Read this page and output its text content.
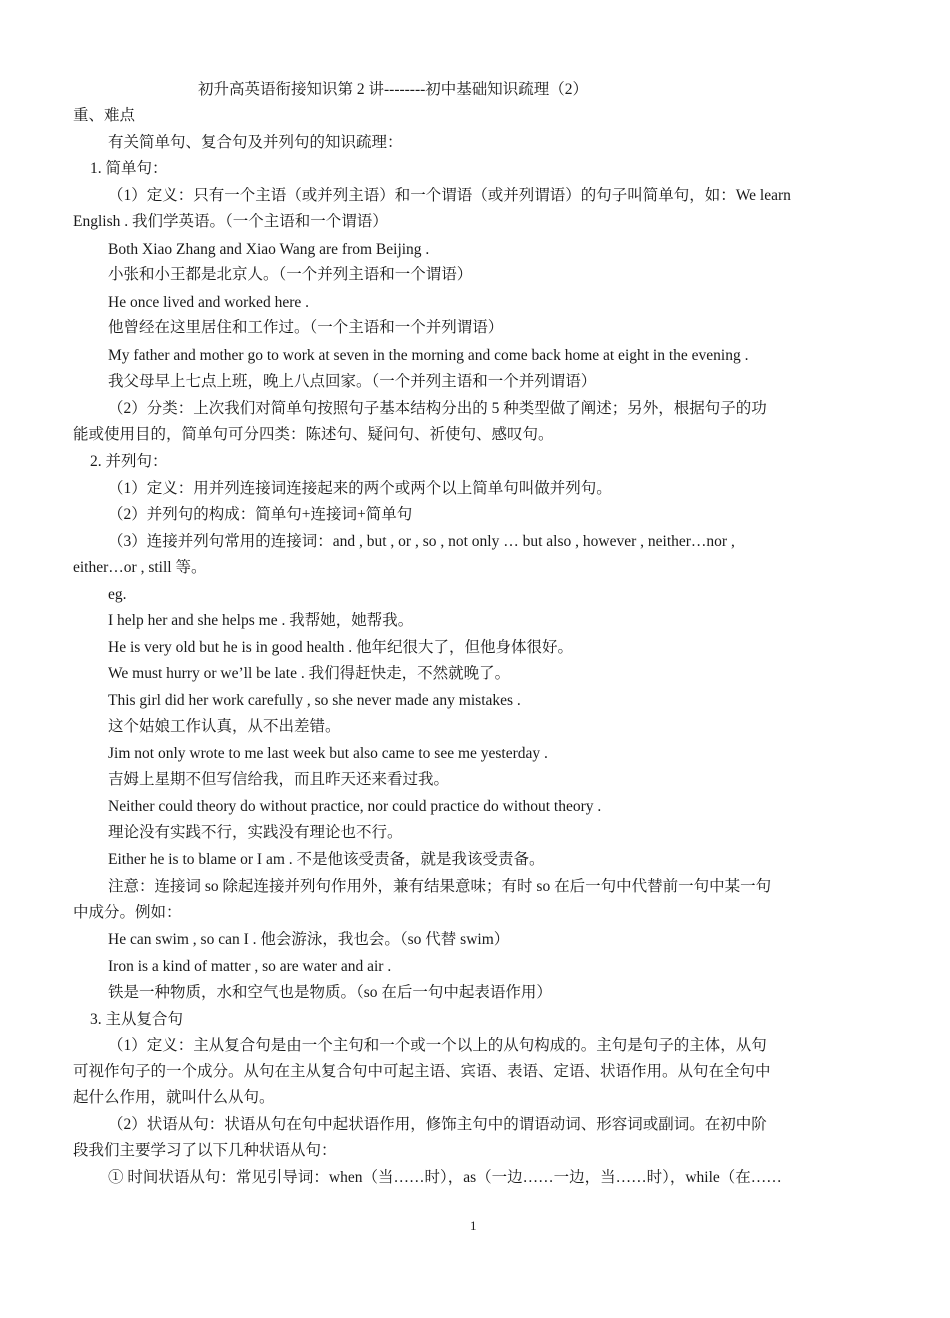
初升高英语衔接知识第 2 讲--------初中基础知识疏理（2）
重、难点
有关简单句、复合句及并列句的知识疏理：
1. 简单句：
（1）定义：只有一个主语（或并列主语）和一个谓语（或并列谓语）的句子叫简单句，如：We learn
English . 我们学英语。（一个主语和一个谓语）
Both Xiao Zhang and Xiao Wang are from Beijing .
小张和小王都是北京人。（一个并列主语和一个谓语）
He once lived and worked here .
他曾经在这里居住和工作过。（一个主语和一个并列谓语）
My father and mother go to work at seven in the morning and come back home at eight in the evening .
我父母早上七点上班，晚上八点回家。（一个并列主语和一个并列谓语）
（2）分类：上次我们对简单句按照句子基本结构分出的 5 种类型做了阐述；另外，根据句子的功
能或使用目的，简单句可分四类：陈述句、疑问句、祈使句、感叹句。
2. 并列句：
（1）定义：用并列连接词连接起来的两个或两个以上简单句叫做并列句。
（2）并列句的构成：简单句+连接词+简单句
（3）连接并列句常用的连接词：and , but , or , so , not only … but also , however , neither…nor ,
either…or , still 等。
eg.
I help her and she helps me . 我帮她，她帮我。
He is very old but he is in good health . 他年纪很大了，但他身体很好。
We must hurry or we’ll be late . 我们得赶快走，不然就晚了。
This girl did her work carefully , so she never made any mistakes .
这个姑娘工作认真，从不出差错。
Jim not only wrote to me last week but also came to see me yesterday .
吉姆上星期不但写信给我，而且昨天还来看过我。
Neither could theory do without practice, nor could practice do without theory .
理论没有实践不行，实践没有理论也不行。
Either he is to blame or I am . 不是他该受责备，就是我该受责备。
注意：连接词 so 除起连接并列句作用外，兼有结果意味；有时 so 在后一句中代替前一句中某一句
中成分。例如：
He can swim , so can I . 他会游泳，我也会。（so 代替 swim）
Iron is a kind of matter , so are water and air .
铁是一种物质，水和空气也是物质。（so 在后一句中起表语作用）
3. 主从复合句
（1）定义：主从复合句是由一个主句和一个或一个以上的从句构成的。主句是句子的主体，从句
可视作句子的一个成分。从句在主从复合句中可起主语、宾语、表语、定语、状语作用。从句在全句中
起什么作用，就叫什么从句。
（2）状语从句：状语从句在句中起状语作用，修饰主句中的谓语动词、形容词或副词。在初中阶
段我们主要学习了以下几种状语从句：
① 时间状语从句：常见引导词：when（当……时），as（一边……一边，当……时），while（在……
1
